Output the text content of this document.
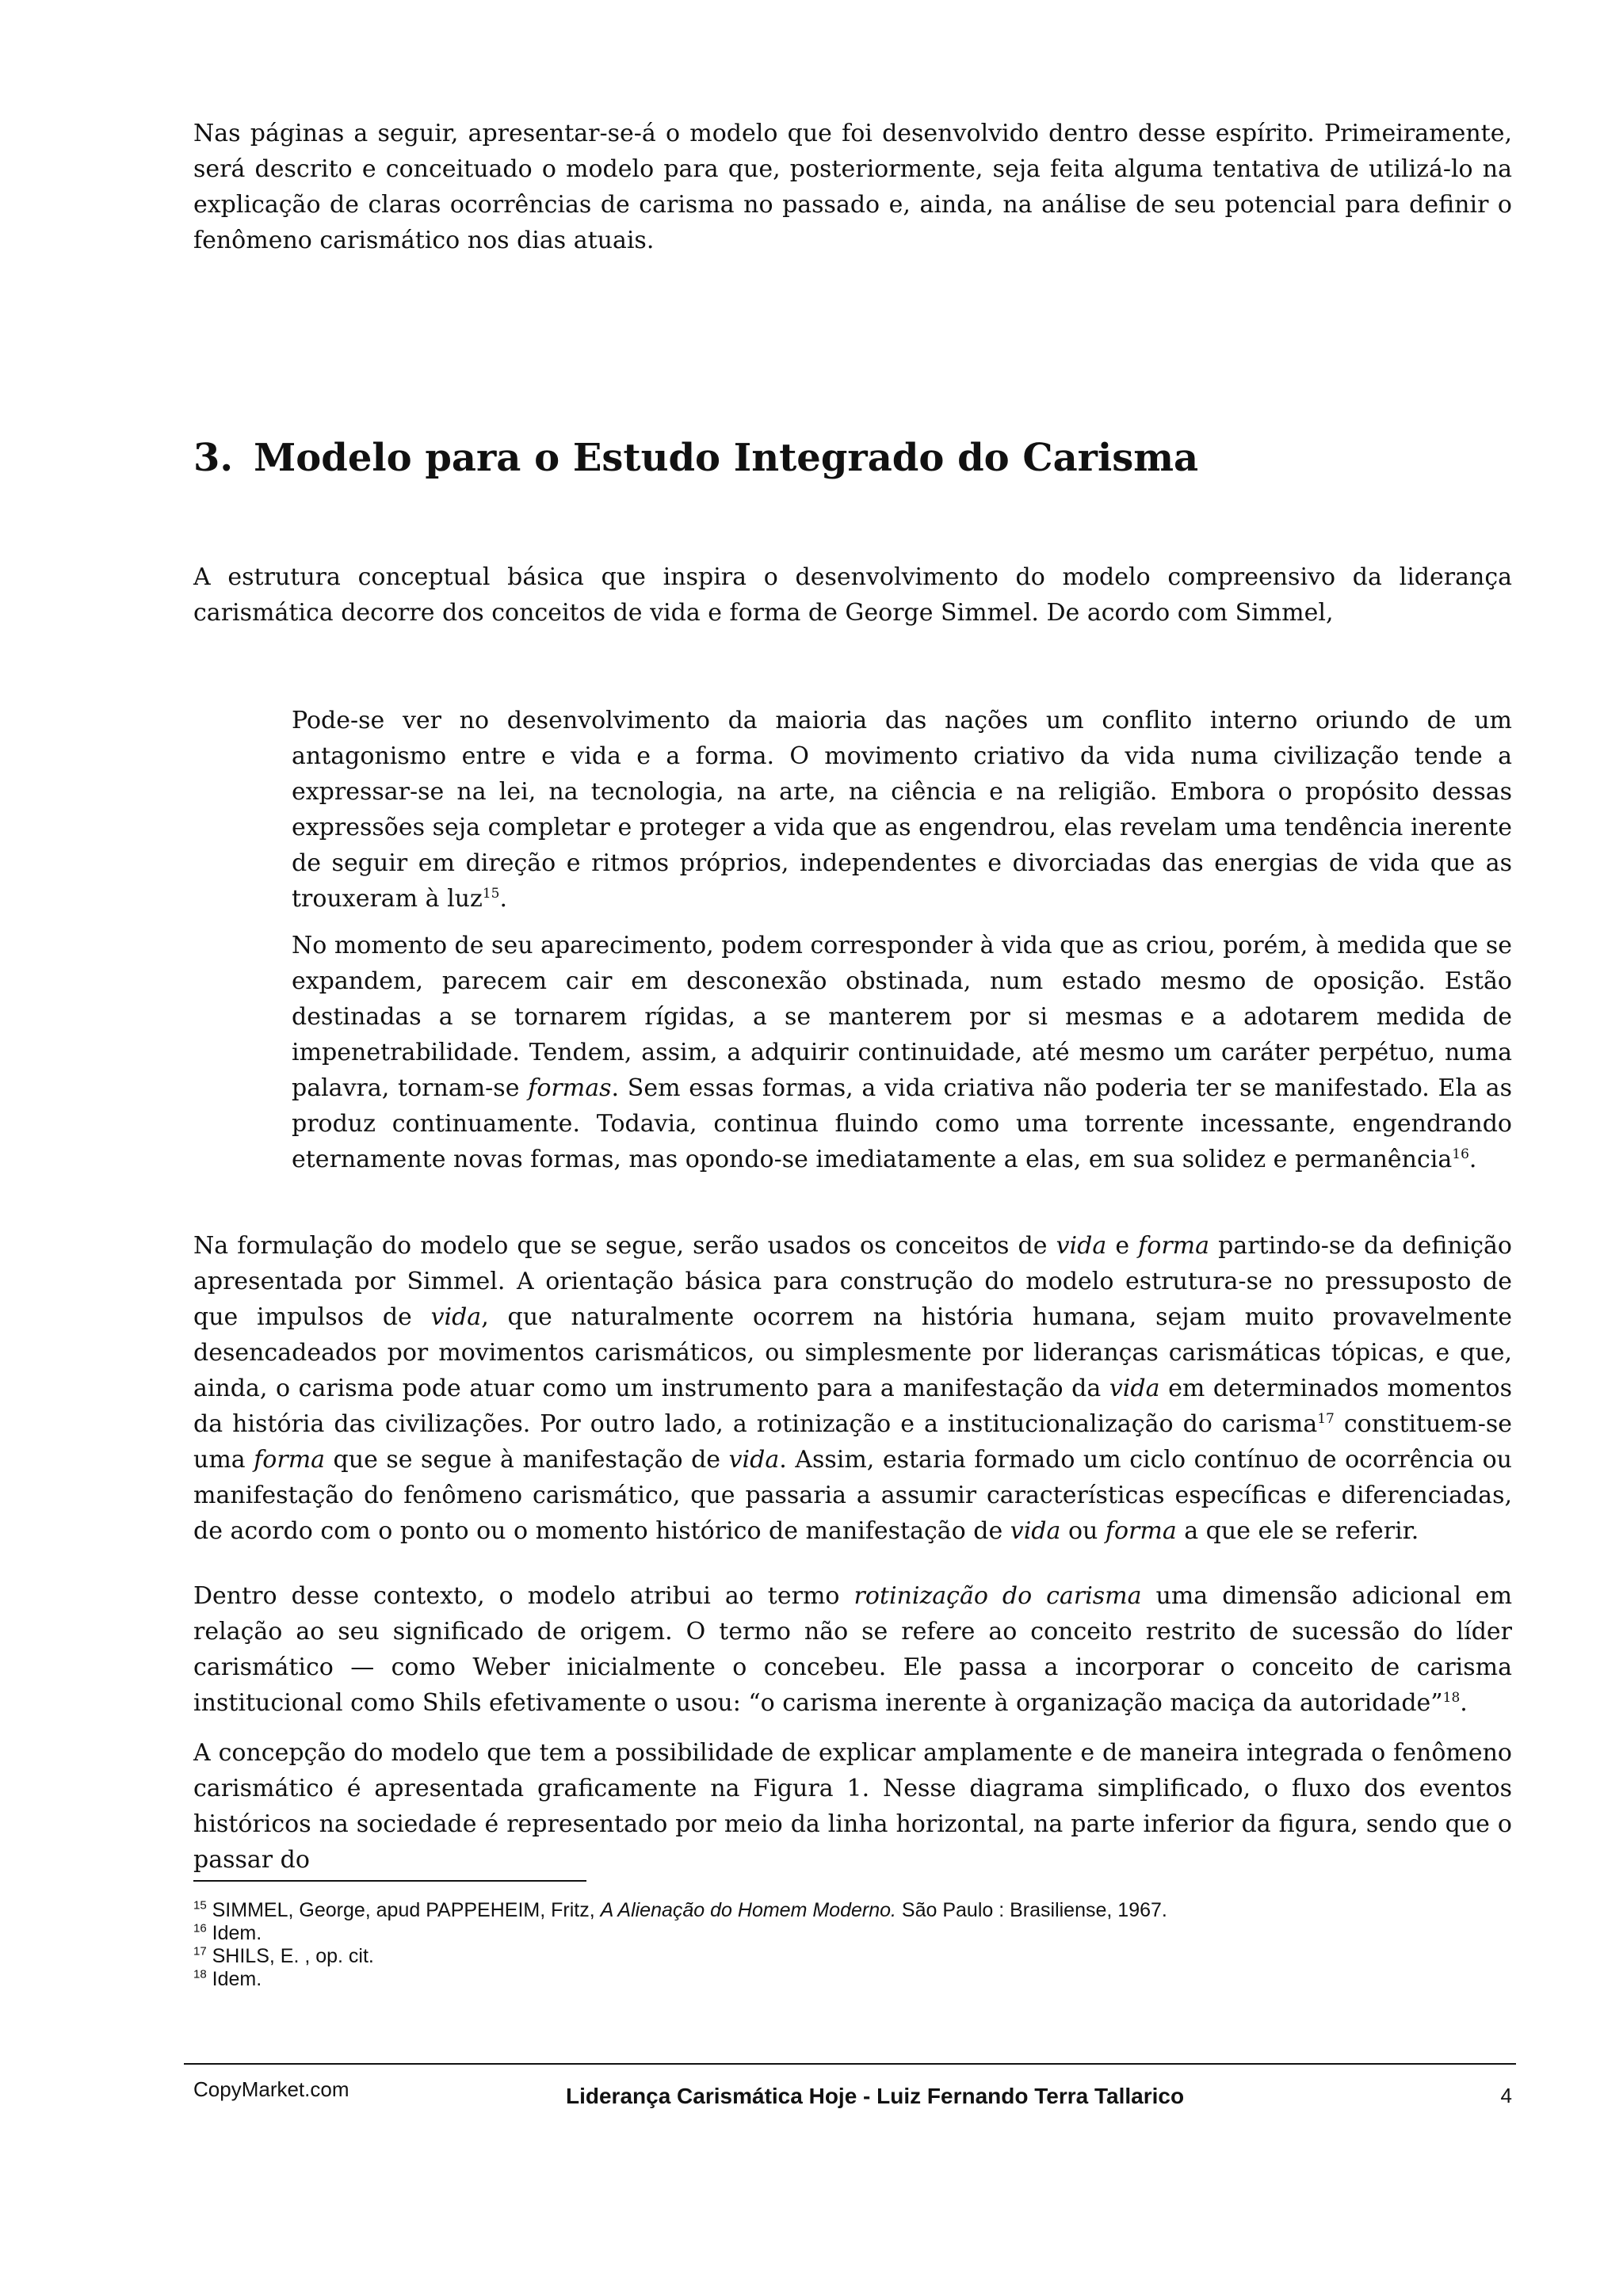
Nas páginas a seguir, apresentar-se-á o modelo que foi desenvolvido dentro desse espírito. Primeiramente, será descrito e conceituado o modelo para que, posteriormente, seja feita alguma tentativa de utilizá-lo na explicação de claras ocorrências de carisma no passado e, ainda, na análise de seu potencial para definir o fenômeno carismático nos dias atuais.

3. Modelo para o Estudo Integrado do Carisma

A estrutura conceptual básica que inspira o desenvolvimento do modelo compreensivo da liderança carismática decorre dos conceitos de vida e forma de George Simmel. De acordo com Simmel,

Pode-se ver no desenvolvimento da maioria das nações um conflito interno oriundo de um antagonismo entre e vida e a forma. O movimento criativo da vida numa civilização tende a expressar-se na lei, na tecnologia, na arte, na ciência e na religião. Embora o propósito dessas expressões seja completar e proteger a vida que as engendrou, elas revelam uma tendência inerente de seguir em direção e ritmos próprios, independentes e divorciadas das energias de vida que as trouxeram à luz$^{15}$.

No momento de seu aparecimento, podem corresponder à vida que as criou, porém, à medida que se expandem, parecem cair em desconexão obstinada, num estado mesmo de oposição. Estão destinadas a se tornarem rígidas, a se manterem por si mesmas e a adotarem medida de impenetrabilidade. Tendem, assim, a adquirir continuidade, até mesmo um caráter perpétuo, numa palavra, tornam-se formas. Sem essas formas, a vida criativa não poderia ter se manifestado. Ela as produz continuamente. Todavia, continua fluindo como uma torrente incessante, engendrando eternamente novas formas, mas opondo-se imediatamente a elas, em sua solidez e permanência$^{16}$.

Na formulação do modelo que se segue, serão usados os conceitos de vida e forma partindo-se da definição apresentada por Simmel. A orientação básica para construção do modelo estrutura-se no pressuposto de que impulsos de vida, que naturalmente ocorrem na história humana, sejam muito provavelmente desencadeados por movimentos carismáticos, ou simplesmente por lideranças carismáticas tópicas, e que, ainda, o carisma pode atuar como um instrumento para a manifestação da vida em determinados momentos da história das civilizações. Por outro lado, a rotinização e a institucionalização do carisma$^{17}$ constituem-se uma forma que se segue à manifestação de vida. Assim, estaria formado um ciclo contínuo de ocorrência ou manifestação do fenômeno carismático, que passaria a assumir características específicas e diferenciadas, de acordo com o ponto ou o momento histórico de manifestação de vida ou forma a que ele se referir.

Dentro desse contexto, o modelo atribui ao termo rotinização do carisma uma dimensão adicional em relação ao seu significado de origem. O termo não se refere ao conceito restrito de sucessão do líder carismático — como Weber inicialmente o concebeu. Ele passa a incorporar o conceito de carisma institucional como Shils efetivamente o usou: “o carisma inerente à organização maciça da autoridade”$^{18}$.

A concepção do modelo que tem a possibilidade de explicar amplamente e de maneira integrada o fenômeno carismático é apresentada graficamente na Figura 1. Nesse diagrama simplificado, o fluxo dos eventos históricos na sociedade é representado por meio da linha horizontal, na parte inferior da figura, sendo que o passar do

$^{15}$ SIMMEL, George, apud PAPPEHEIM, Fritz, A Alienação do Homem Moderno. São Paulo : Brasiliense, 1967.
$^{16}$ Idem.
$^{17}$ SHILS, E. , op. cit.
$^{18}$ Idem.
CopyMarket.com	Liderança Carismática Hoje - Luiz Fernando Terra Tallarico	4
